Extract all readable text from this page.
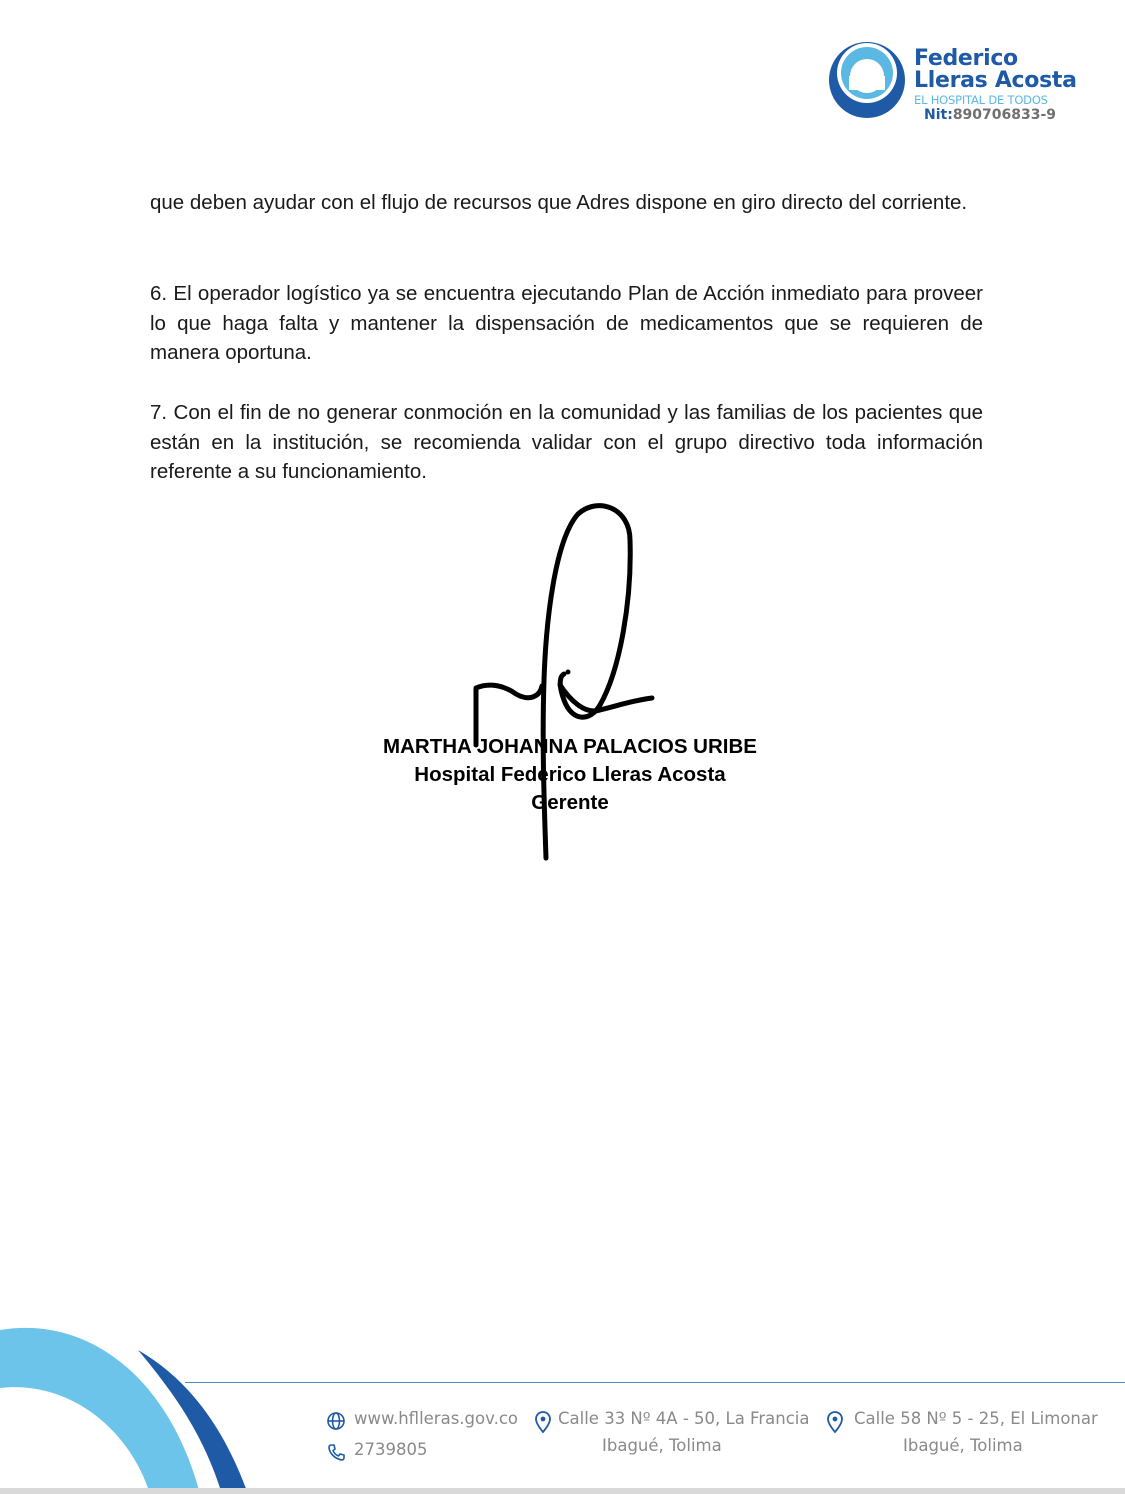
Federico
Lleras Acosta
EL HOSPITAL DE TODOS
Nit:890706833-9
que deben ayudar con el flujo de recursos que Adres dispone en giro directo del corriente.
6. El operador logístico ya se encuentra ejecutando Plan de Acción inmediato para proveer lo que haga falta y mantener la dispensación de medicamentos que se requieren de manera oportuna.
7. Con el fin de no generar conmoción en la comunidad y las familias de los pacientes que están en la institución, se recomienda validar con el grupo directivo toda información referente a su funcionamiento.
MARTHA JOHANNA PALACIOS URIBE
Hospital Federico Lleras Acosta
Gerente
www.hflleras.gov.co
2739805
Calle 33 Nº 4A - 50, La Francia
Ibagué, Tolima
Calle 58 Nº 5 - 25, El Limonar
Ibagué, Tolima
